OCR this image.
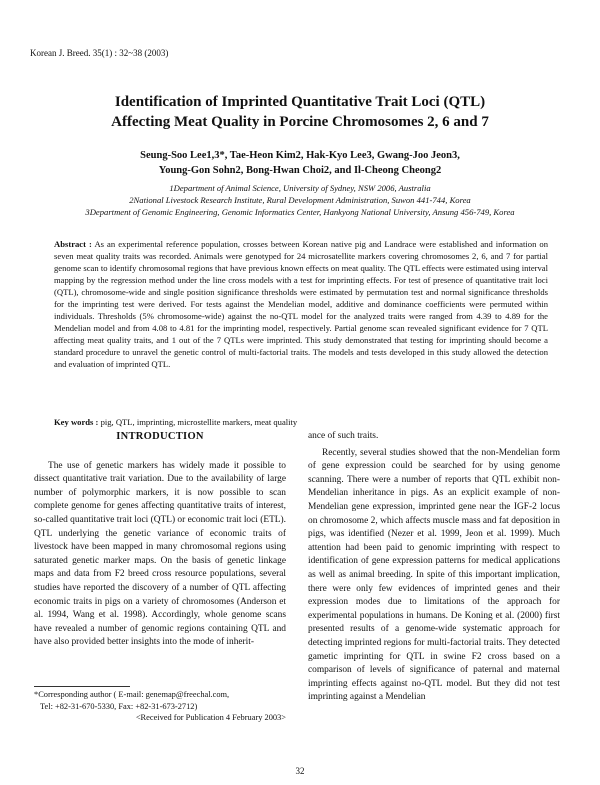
Korean J. Breed. 35(1) : 32~38 (2003)
Identification of Imprinted Quantitative Trait Loci (QTL)
Affecting Meat Quality in Porcine Chromosomes 2, 6 and 7
Seung-Soo Lee1,3*, Tae-Heon Kim2, Hak-Kyo Lee3, Gwang-Joo Jeon3,
Young-Gon Sohn2, Bong-Hwan Choi2, and Il-Cheong Cheong2
1Department of Animal Science, University of Sydney, NSW 2006, Australia
2National Livestock Research Institute, Rural Development Administration, Suwon 441-744, Korea
3Department of Genomic Engineering, Genomic Informatics Center, Hankyong National University, Ansung 456-749, Korea
Abstract : As an experimental reference population, crosses between Korean native pig and Landrace were established and information on seven meat quality traits was recorded. Animals were genotyped for 24 microsatellite markers covering chromosomes 2, 6, and 7 for partial genome scan to identify chromosomal regions that have previous known effects on meat quality. The QTL effects were estimated using interval mapping by the regression method under the line cross models with a test for imprinting effects. For test of presence of quantitative trait loci (QTL), chromosome-wide and single position significance thresholds were estimated by permutation test and normal significance thresholds for the imprinting test were derived. For tests against the Mendelian model, additive and dominance coefficients were permuted within individuals. Thresholds (5% chromosome-wide) against the no-QTL model for the analyzed traits were ranged from 4.39 to 4.89 for the Mendelian model and from 4.08 to 4.81 for the imprinting model, respectively. Partial genome scan revealed significant evidence for 7 QTL affecting meat quality traits, and 1 out of the 7 QTLs were imprinted. This study demonstrated that testing for imprinting should become a standard procedure to unravel the genetic control of multi-factorial traits. The models and tests developed in this study allowed the detection and evaluation of imprinted QTL.
Key words : pig, QTL, imprinting, microstellite markers, meat quality
INTRODUCTION

The use of genetic markers has widely made it possible to dissect quantitative trait variation. Due to the availability of large number of polymorphic markers, it is now possible to scan complete genome for genes affecting quantitative traits of interest, so-called quantitative trait loci (QTL) or economic trait loci (ETL). QTL underlying the genetic variance of economic traits of livestock have been mapped in many chromosomal regions using saturated genetic marker maps. On the basis of genetic linkage maps and data from F2 breed cross resource populations, several studies have reported the discovery of a number of QTL affecting economic traits in pigs on a variety of chromosomes (Anderson et al. 1994, Wang et al. 1998). Accordingly, whole genome scans have revealed a number of genomic regions containing QTL and have also provided better insights into the mode of inherit-

ance of such traits.

Recently, several studies showed that the non-Mendelian form of gene expression could be searched for by using genome scanning. There were a number of reports that QTL exhibit non-Mendelian inheritance in pigs. As an explicit example of non-Mendelian gene expression, imprinted gene near the IGF-2 locus on chromosome 2, which affects muscle mass and fat deposition in pigs, was identified (Nezer et al. 1999, Jeon et al. 1999). Much attention had been paid to genomic imprinting with respect to identification of gene expression patterns for medical applications as well as animal breeding. In spite of this important implication, there were only few evidences of imprinted genes and their expression modes due to limitations of the approach for experimental populations in humans. De Koning et al. (2000) first presented results of a genome-wide systematic approach for detecting imprinted regions for multi-factorial traits. They detected gametic imprinting for QTL in swine F2 cross based on a comparison of levels of significance of paternal and maternal imprinting effects against no-QTL model. But they did not test imprinting against a Mendelian

*Corresponding author ( E-mail: genemap@freechal.com,
Tel: +82-31-670-5330, Fax: +82-31-673-2712)
<Received for Publication 4 February 2003>
32
